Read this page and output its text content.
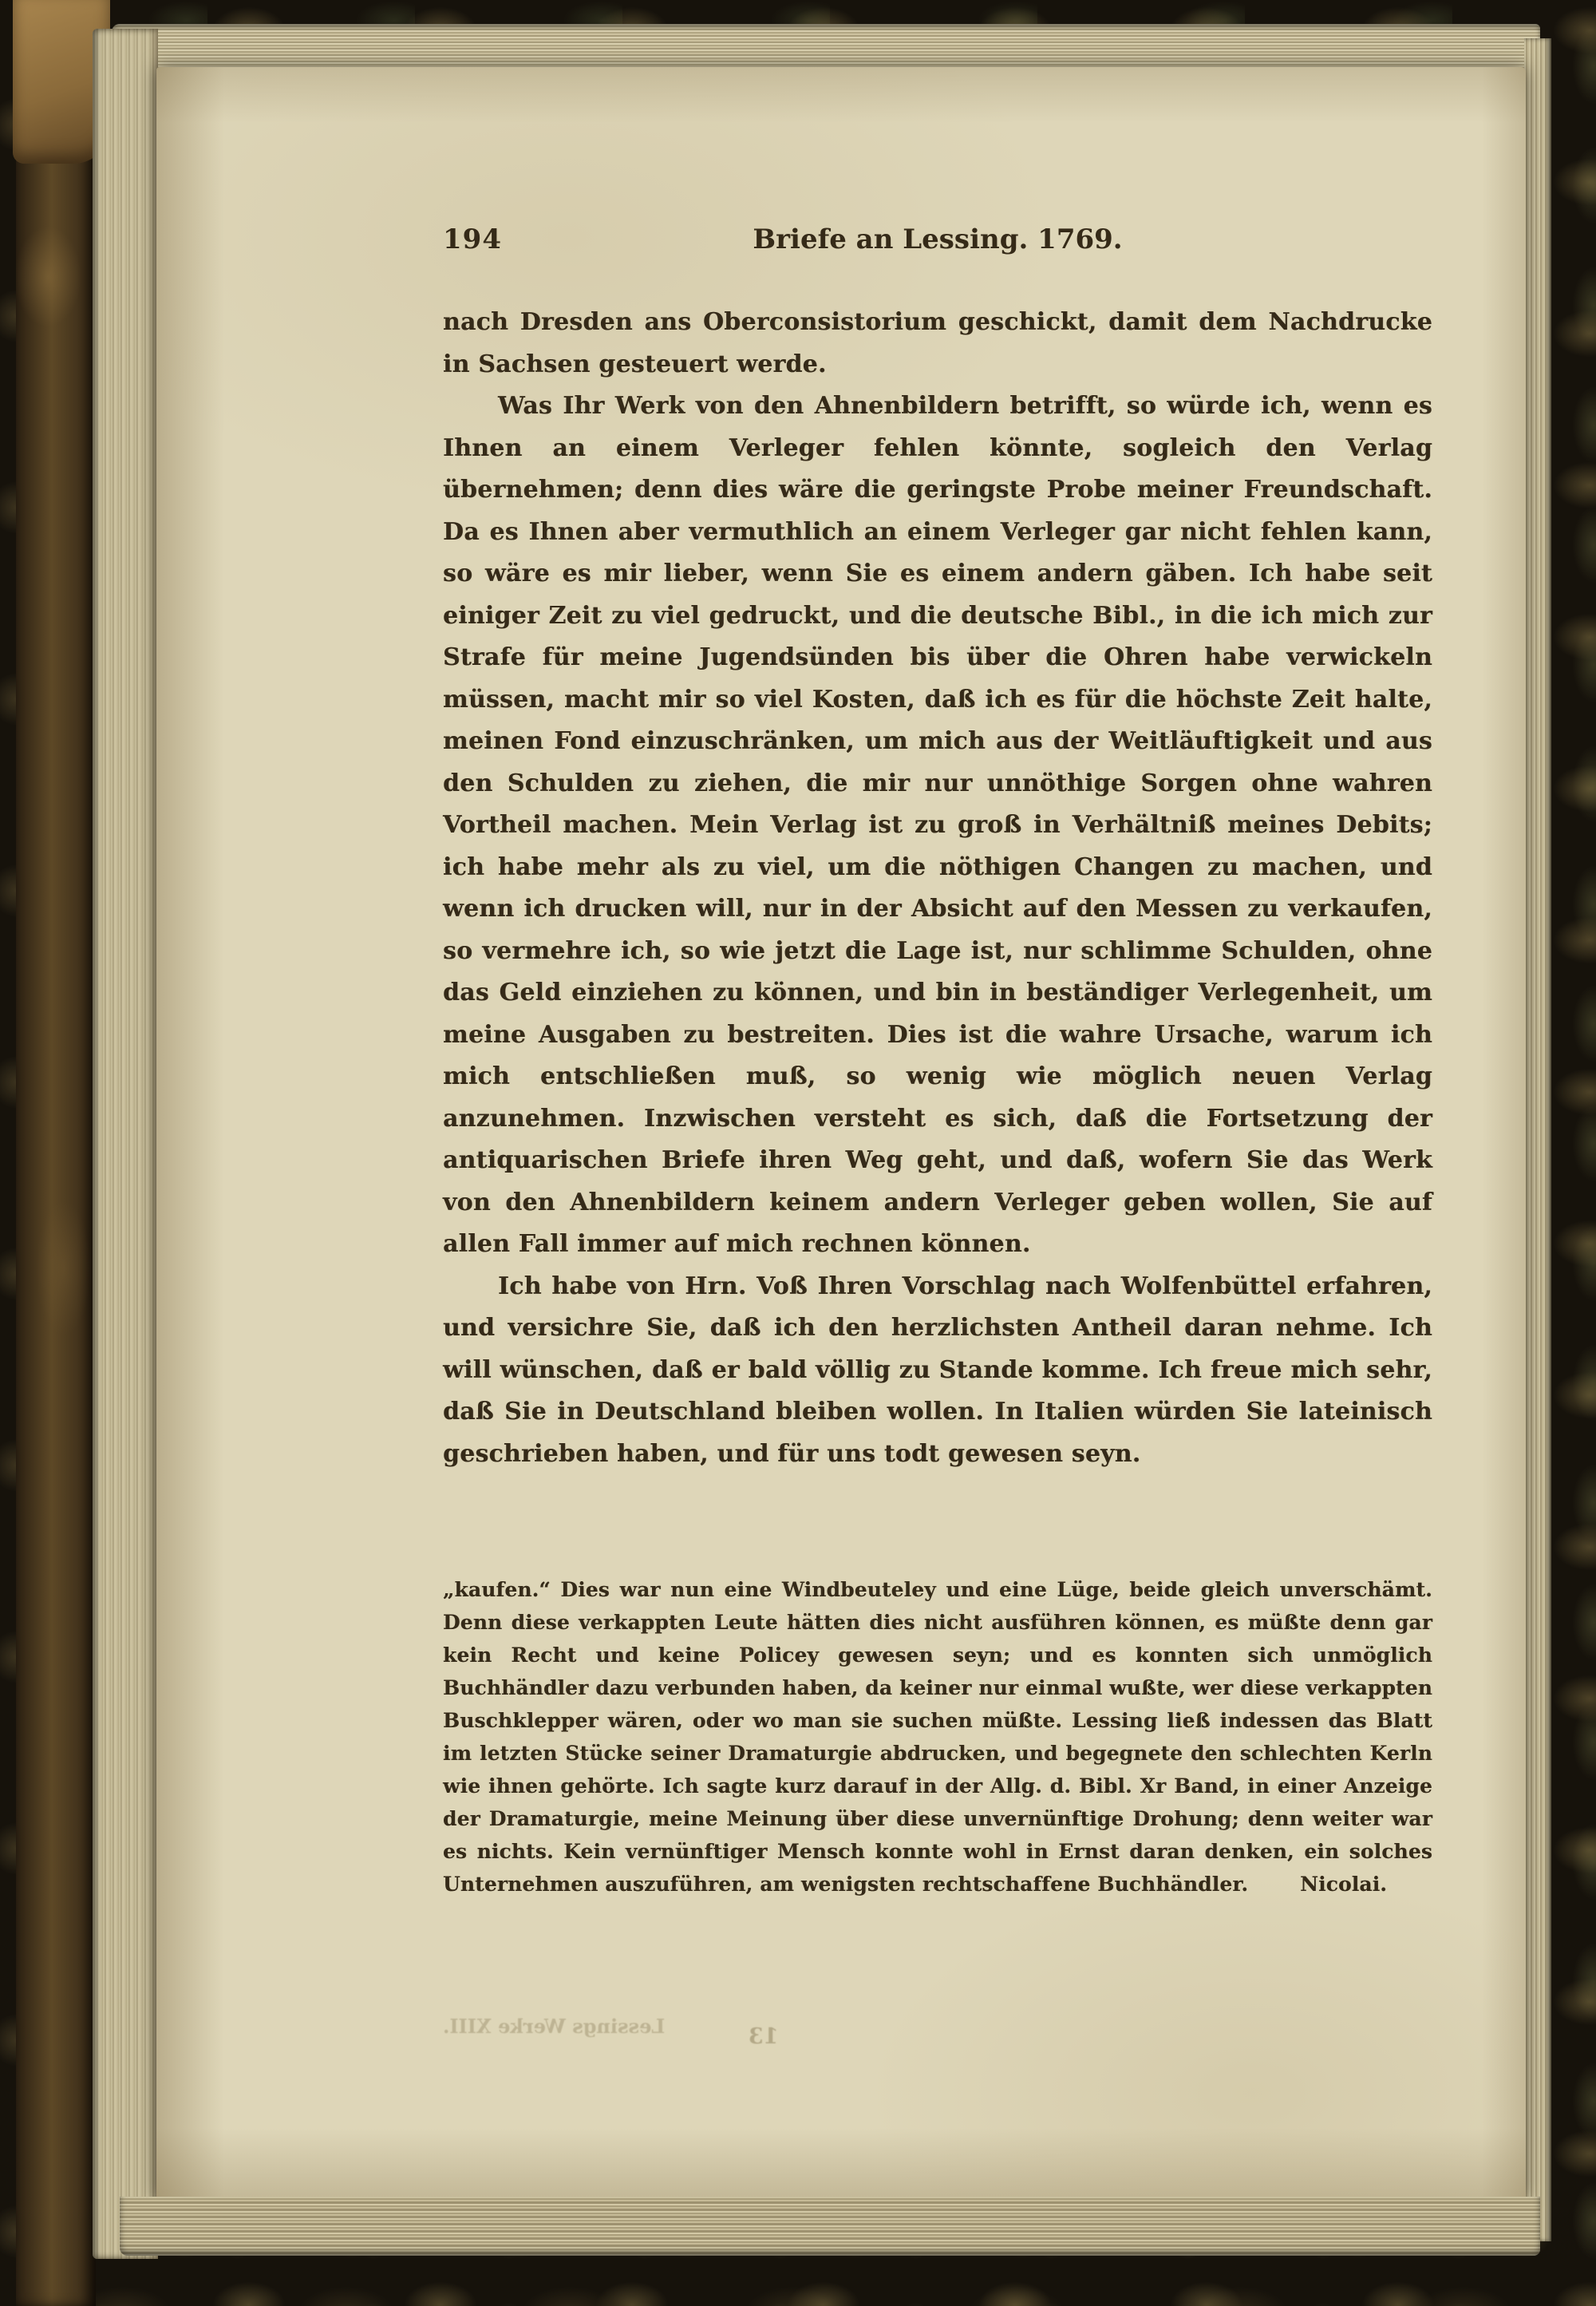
194	Briefe an Lessing. 1769.

nach Dresden ans Oberconsistorium geschickt, damit dem Nachdrucke in Sachsen gesteuert werde.

Was Ihr Werk von den Ahnenbildern betrifft, so würde ich, wenn es Ihnen an einem Verleger fehlen könnte, sogleich den Verlag übernehmen; denn dies wäre die geringste Probe meiner Freundschaft. Da es Ihnen aber vermuthlich an einem Verleger gar nicht fehlen kann, so wäre es mir lieber, wenn Sie es einem andern gäben. Ich habe seit einiger Zeit zu viel gedruckt, und die deutsche Bibl., in die ich mich zur Strafe für meine Jugendsünden bis über die Ohren habe verwickeln müssen, macht mir so viel Kosten, daß ich es für die höchste Zeit halte, meinen Fond einzuschränken, um mich aus der Weitläuftigkeit und aus den Schulden zu ziehen, die mir nur unnöthige Sorgen ohne wahren Vortheil machen. Mein Verlag ist zu groß in Verhältniß meines Debits; ich habe mehr als zu viel, um die nöthigen Changen zu machen, und wenn ich drucken will, nur in der Absicht auf den Messen zu verkaufen, so vermehre ich, so wie jetzt die Lage ist, nur schlimme Schulden, ohne das Geld einziehen zu können, und bin in beständiger Verlegenheit, um meine Ausgaben zu bestreiten. Dies ist die wahre Ursache, warum ich mich entschließen muß, so wenig wie möglich neuen Verlag anzunehmen. Inzwischen versteht es sich, daß die Fortsetzung der antiquarischen Briefe ihren Weg geht, und daß, wofern Sie das Werk von den Ahnenbildern keinem andern Verleger geben wollen, Sie auf allen Fall immer auf mich rechnen können.

Ich habe von Hrn. Voß Ihren Vorschlag nach Wolfenbüttel erfahren, und versichre Sie, daß ich den herzlichsten Antheil daran nehme. Ich will wünschen, daß er bald völlig zu Stande komme. Ich freue mich sehr, daß Sie in Deutschland bleiben wollen. In Italien würden Sie lateinisch geschrieben haben, und für uns todt gewesen seyn.

„kaufen.“ Dies war nun eine Windbeuteley und eine Lüge, beide gleich unverschämt. Denn diese verkappten Leute hätten dies nicht ausführen können, es müßte denn gar kein Recht und keine Policey gewesen seyn; und es konnten sich unmöglich Buchhändler dazu verbunden haben, da keiner nur einmal wußte, wer diese verkappten Buschklepper wären, oder wo man sie suchen müßte. Lessing ließ indessen das Blatt im letzten Stücke seiner Dramaturgie abdrucken, und begegnete den schlechten Kerln wie ihnen gehörte. Ich sagte kurz darauf in der Allg. d. Bibl. Xr Band, in einer Anzeige der Dramaturgie, meine Meinung über diese unvernünftige Drohung; denn weiter war es nichts. Kein vernünftiger Mensch konnte wohl in Ernst daran denken, ein solches Unternehmen auszuführen, am wenigsten rechtschaffene Buchhändler.	Nicolai.

Lessings Werke XIII.	13
